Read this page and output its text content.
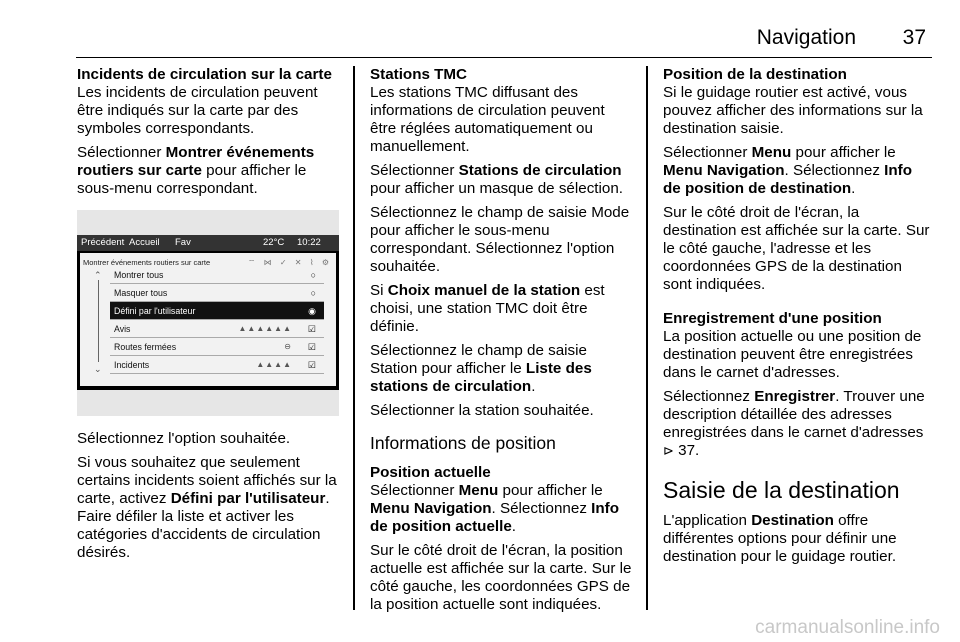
Navigation 37
Incidents de circulation sur la carte

Les incidents de circulation peuvent être indiqués sur la carte par des symboles correspondants.

Sélectionner Montrer événements routiers sur carte pour afficher le sous-menu correspondant.

Précédent Accueil Fav	22°C 10:22
Montrer événements routiers sur carte	⌔ ⋈ ✓ ✕ ⌇ ⚙
⌃
⌄
Montrer tous	○
Masquer tous	○
Défini par l'utilisateur	◉
Avis	▲▲▲▲▲▲ ☑
Routes fermées	⊖ ☑
Incidents	▲▲▲▲ ☑

Sélectionnez l'option souhaitée.

Si vous souhaitez que seulement certains incidents soient affichés sur la carte, activez Défini par l'utilisateur. Faire défiler la liste et activer les catégories d'accidents de circulation désirés.

Stations TMC

Les stations TMC diffusant des informations de circulation peuvent être réglées automatiquement ou manuellement.

Sélectionner Stations de circulation pour afficher un masque de sélection.

Sélectionnez le champ de saisie Mode pour afficher le sous-menu correspondant. Sélectionnez l'option souhaitée.

Si Choix manuel de la station est choisi, une station TMC doit être définie.

Sélectionnez le champ de saisie Station pour afficher le Liste des stations de circulation.

Sélectionner la station souhaitée.

Informations de position
Position actuelle

Sélectionner Menu pour afficher le Menu Navigation. Sélectionnez Info de position actuelle.

Sur le côté droit de l'écran, la position actuelle est affichée sur la carte. Sur le côté gauche, les coordonnées GPS de la position actuelle sont indiquées.

Position de la destination

Si le guidage routier est activé, vous pouvez afficher des informations sur la destination saisie.

Sélectionner Menu pour afficher le Menu Navigation. Sélectionnez Info de position de destination.

Sur le côté droit de l'écran, la destination est affichée sur la carte. Sur le côté gauche, l'adresse et les coordonnées GPS de la destination sont indiquées.

Enregistrement d'une position

La position actuelle ou une position de destination peuvent être enregistrées dans le carnet d'adresses.

Sélectionnez Enregistrer. Trouver une description détaillée des adresses enregistrées dans le carnet d'adresses ⊳ 37.

Saisie de la destination

L'application Destination offre différentes options pour définir une destination pour le guidage routier.

carmanualsonline.info
